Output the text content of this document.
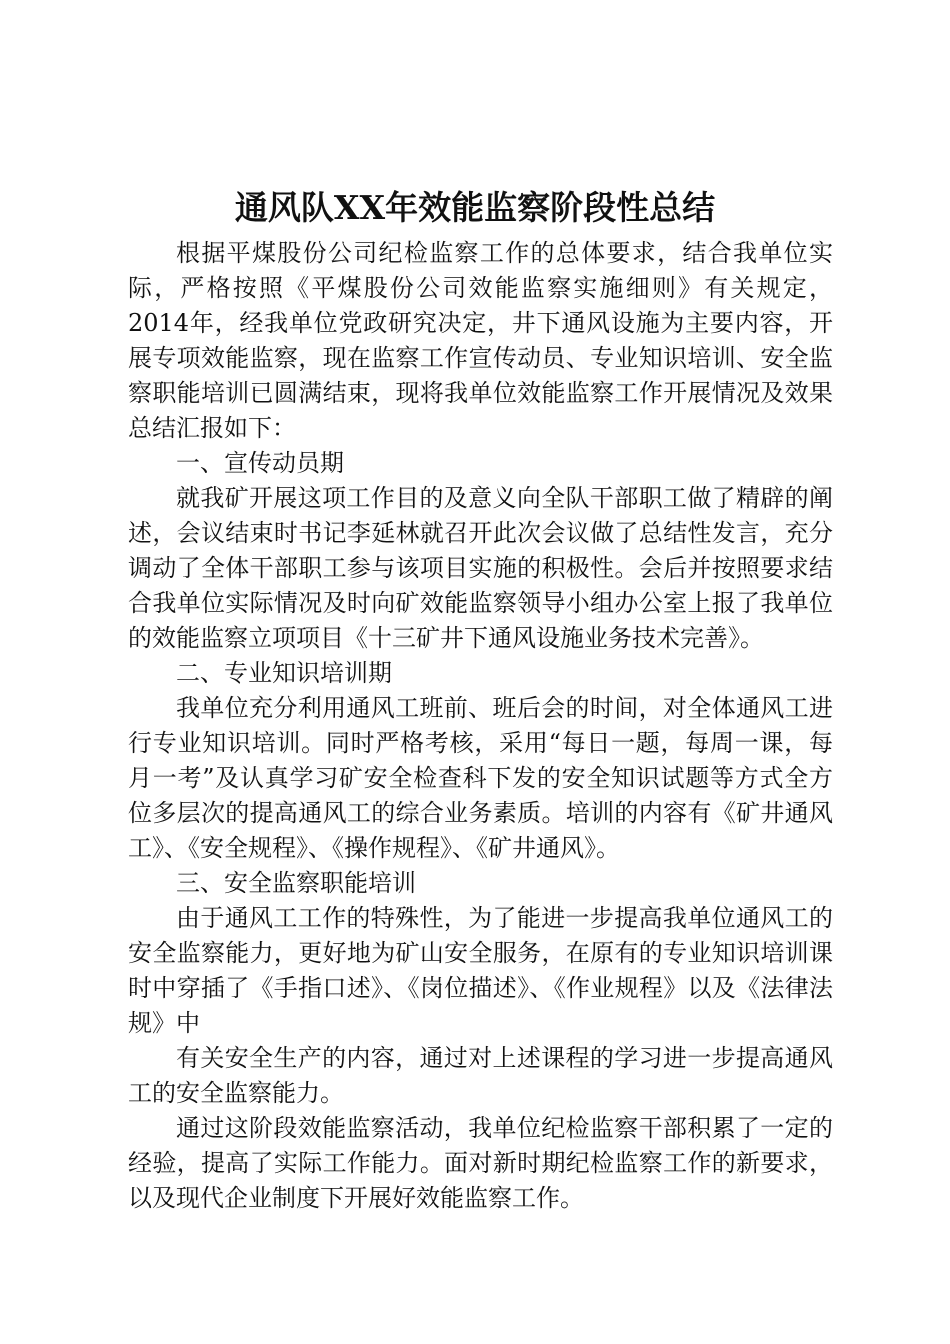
通风队XX年效能监察阶段性总结

根据平煤股份公司纪检监察工作的总体要求，结合我单位实际，严格按照《平煤股份公司效能监察实施细则》有关规定，2014年，经我单位党政研究决定，井下通风设施为主要内容，开展专项效能监察，现在监察工作宣传动员、专业知识培训、安全监察职能培训已圆满结束，现将我单位效能监察工作开展情况及效果总结汇报如下：

一、宣传动员期

就我矿开展这项工作目的及意义向全队干部职工做了精辟的阐述，会议结束时书记李延林就召开此次会议做了总结性发言，充分调动了全体干部职工参与该项目实施的积极性。会后并按照要求结合我单位实际情况及时向矿效能监察领导小组办公室上报了我单位的效能监察立项项目《十三矿井下通风设施业务技术完善》。

二、专业知识培训期

我单位充分利用通风工班前、班后会的时间，对全体通风工进行专业知识培训。同时严格考核，采用“每日一题，每周一课，每月一考”及认真学习矿安全检查科下发的安全知识试题等方式全方位多层次的提高通风工的综合业务素质。培训的内容有《矿井通风工》、《安全规程》、《操作规程》、《矿井通风》。

三、安全监察职能培训

由于通风工工作的特殊性，为了能进一步提高我单位通风工的安全监察能力，更好地为矿山安全服务，在原有的专业知识培训课时中穿插了《手指口述》、《岗位描述》、《作业规程》以及《法律法规》中

有关安全生产的内容，通过对上述课程的学习进一步提高通风工的安全监察能力。

通过这阶段效能监察活动，我单位纪检监察干部积累了一定的经验，提高了实际工作能力。面对新时期纪检监察工作的新要求，以及现代企业制度下开展好效能监察工作。
